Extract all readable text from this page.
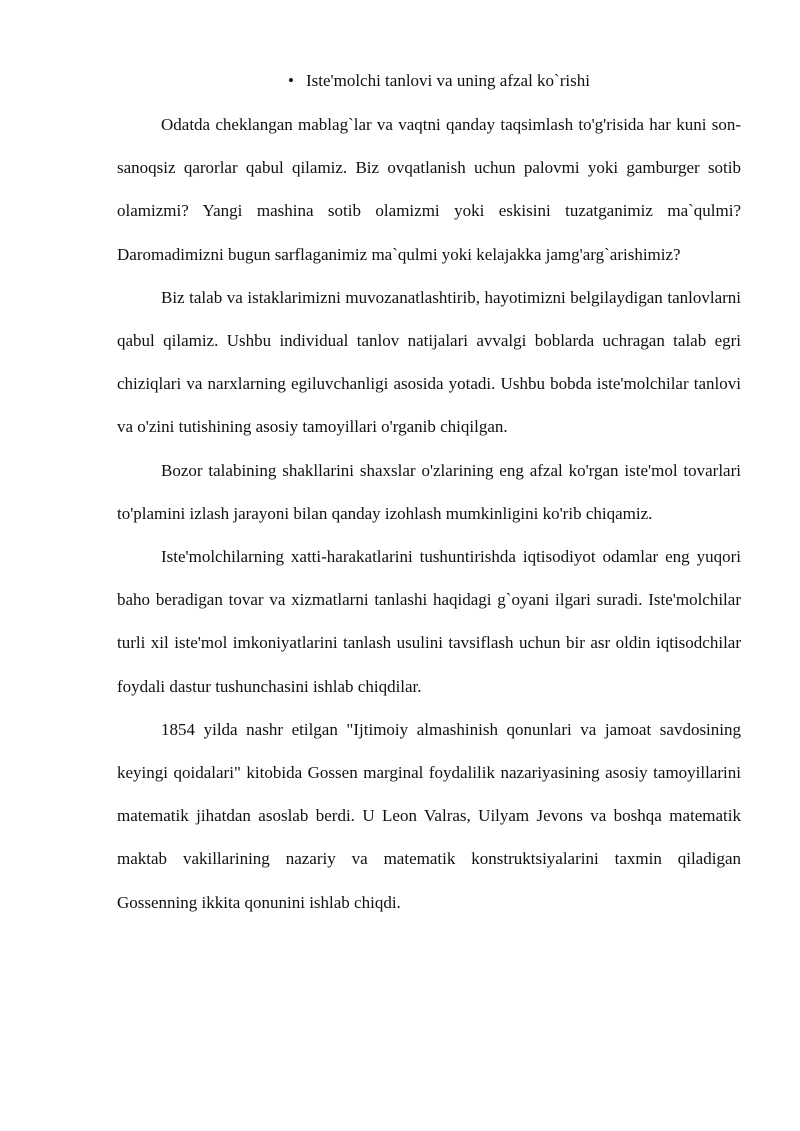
• Iste'molchi tanlovi va uning afzal ko`rishi

Odatda cheklangan mablag`lar va vaqtni qanday taqsimlash to'g'risida har kuni son-sanoqsiz qarorlar qabul qilamiz. Biz ovqatlanish uchun palovmi yoki gamburger sotib olamizmi? Yangi mashina sotib olamizmi yoki eskisini tuzatganimiz ma`qulmi? Daromadimizni bugun sarflaganimiz ma`qulmi yoki kelajakka jamg'arg`arishimiz?

Biz talab va istaklarimizni muvozanatlashtirib, hayotimizni belgilaydigan tanlovlarni qabul qilamiz. Ushbu individual tanlov natijalari avvalgi boblarda uchragan talab egri chiziqlari va narxlarning egiluvchanligi asosida yotadi. Ushbu bobda iste'molchilar tanlovi va o'zini tutishining asosiy tamoyillari o'rganib chiqilgan.

Bozor talabining shakllarini shaxslar o'zlarining eng afzal ko'rgan iste'mol tovarlari to'plamini izlash jarayoni bilan qanday izohlash mumkinligini ko'rib chiqamiz.

Iste'molchilarning xatti-harakatlarini tushuntirishda iqtisodiyot odamlar eng yuqori baho beradigan tovar va xizmatlarni tanlashi haqidagi g`oyani ilgari suradi. Iste'molchilar turli xil iste'mol imkoniyatlarini tanlash usulini tavsiflash uchun bir asr oldin iqtisodchilar foydali dastur tushunchasini ishlab chiqdilar.

1854 yilda nashr etilgan "Ijtimoiy almashinish qonunlari va jamoat savdosining keyingi qoidalari" kitobida Gossen marginal foydalilik nazariyasining asosiy tamoyillarini matematik jihatdan asoslab berdi. U Leon Valras, Uilyam Jevons va boshqa matematik maktab vakillarining nazariy va matematik konstruktsiyalarini taxmin qiladigan Gossenning ikkita qonunini ishlab chiqdi.
